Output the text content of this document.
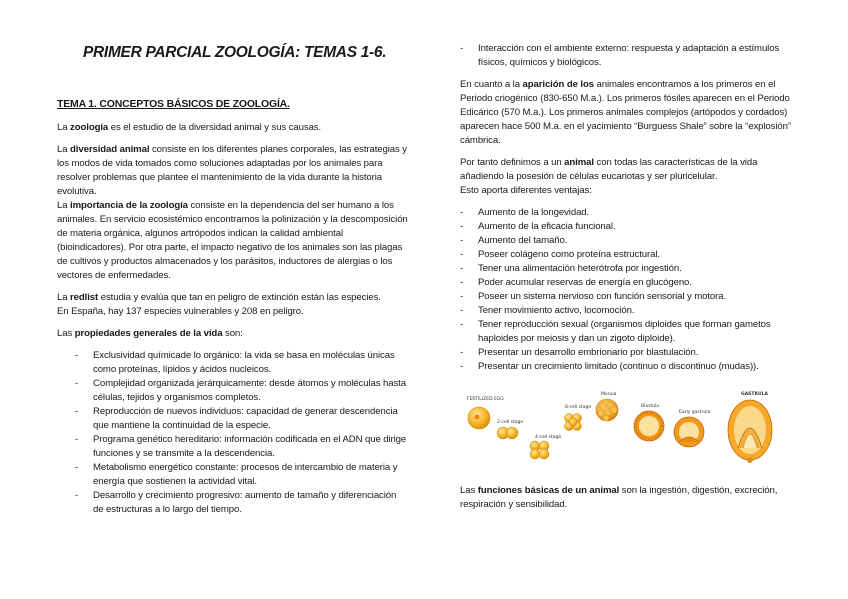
PRIMER PARCIAL ZOOLOGÍA: TEMAS 1-6.
TEMA 1. CONCEPTOS BÁSICOS DE ZOOLOGÍA.

La zoología es el estudio de la diversidad animal y sus causas.

La diversidad animal consiste en los diferentes planes corporales, las estrategias y los modos de vida tomados como soluciones adaptadas por los animales para resolver problemas que plantee el mantenimiento de la vida durante la historia evolutiva.

La importancia de la zoología consiste en la dependencia del ser humano a los animales. En servicio ecosistémico encontramos la polinización y la descomposición de materia orgánica, algunos artrópodos indican la calidad ambiental (bioindicadores). Por otra parte, el impacto negativo de los animales son las plagas de cultivos y productos almacenados y los parásitos, inductores de alergias o los vectores de enfermedades.

La redlist estudia y evalúa que tan en peligro de extinción están las especies.
En España, hay 137 especies vulnerables y 208 en peligro.

Las propiedades generales de la vida son:

- Exclusividad químicade lo orgánico: la vida se basa en moléculas únicas como proteínas, lípidos y ácidos nucleicos.
- Complejidad organizada jerárquicamente: desde átomos y moléculas hasta células, tejidos y organismos completos.
- Reproducción de nuevos individuos: capacidad de generar descendencia que mantiene la continuidad de la especie.
- Programa genético hereditario: información codificada en el ADN que dirige funciones y se transmite a la descendencia.
- Metabolismo energético constante: procesos de intercambio de materia y energía que sostienen la actividad vital.
- Desarrollo y crecimiento progresivo: aumento de tamaño y diferenciación de estructuras a lo largo del tiempo.
- Interacción con el ambiente externo: respuesta y adaptación a estímulos físicos, químicos y biológicos.

En cuanto a la aparición de los animales encontramos a los primeros en el Periodo criogénico (830-650 M.a.). Los primeros fósiles aparecen en el Periodo Edicárico (570 M.a.). Los primeros animales complejos (artópodos y cordados) aparecen hace 500 M.a. en el yacimiento “Burguess Shale” sobre la “explosión” cámbrica.

Por tanto definimos a un animal con todas las características de la vida añadiendo la posesión de células eucariotas y ser pluricelular.
Esto aporta diferentes ventajas:

- Aumento de la longevidad.
- Aumento de la eficacia funcional.
- Aumento del tamaño.
- Poseer colágeno como proteína estructural.
- Tener una alimentación heterótrofa por ingestión.
- Poder acumular reservas de energía en glucógeno.
- Poseer un sistema nervioso con función sensorial y motora.
- Tener movimiento activo, locomoción.
- Tener reproducción sexual (organismos diploides que forman gametos haploides por meiosis y dan un zigoto diploide).
- Presentar un desarrollo embrionario por blastulación.
- Presentar un crecimiento limitado (continuo o discontinuo (mudas)).
FERTILIZED EGG
2-cell stage
4-cell stage
8-cell stage
Morula
Blastula
Early gastrula
GASTRULA

Las funciones básicas de un animal son la ingestión, digestión, excreción, respiración y sensibilidad.
